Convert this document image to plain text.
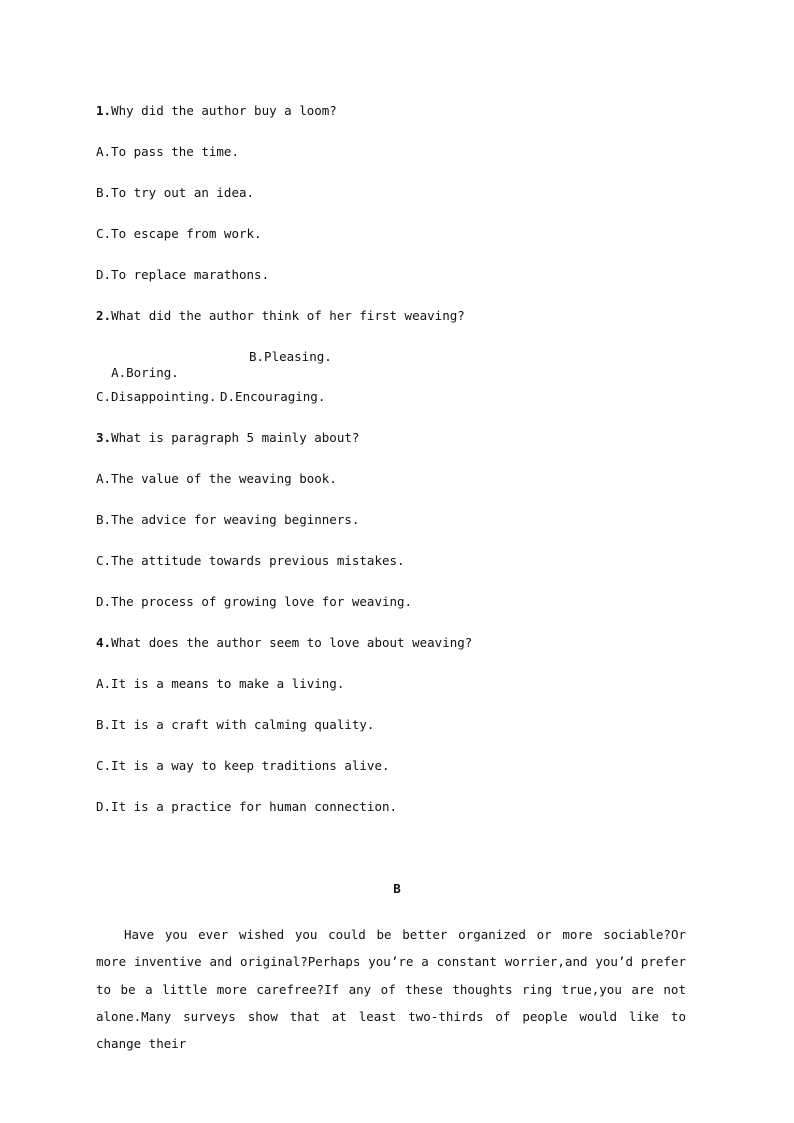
1.Why did the author buy a loom?
A.To pass the time.
B.To try out an idea.
C.To escape from work.
D.To replace marathons.
2.What did the author think of her first weaving?

A.Boring.

B.Pleasing.
C.Disappointing. D.Encouraging.
3.What is paragraph 5 mainly about?
A.The value of the weaving book.
B.The advice for weaving beginners.
C.The attitude towards previous mistakes.
D.The process of growing love for weaving.
4.What does the author seem to love about weaving?
A.It is a means to make a living.
B.It is a craft with calming quality.
C.It is a way to keep traditions alive.
D.It is a practice for human connection.
B
Have you ever wished you could be better organized or more sociable?Or more inventive and original?Perhaps you’re a constant worrier,and you’d prefer to be a little more carefree?If any of these thoughts ring true,you are not alone.Many surveys show that at least two-thirds of people would like to change their
